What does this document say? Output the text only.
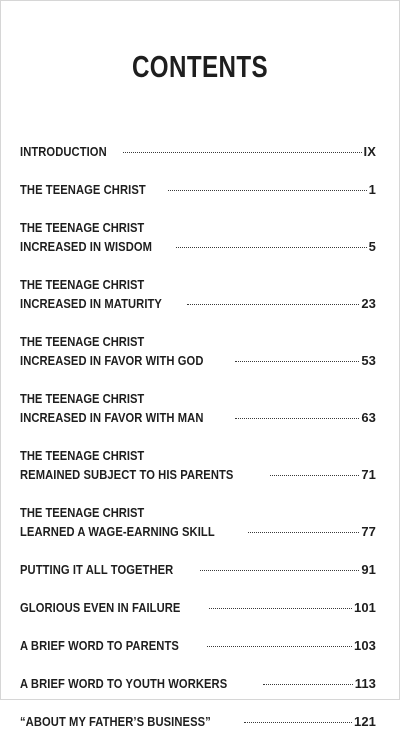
CONTENTS
INTRODUCTION	IX
THE TEENAGE CHRIST	1
THE TEENAGE CHRIST
INCREASED IN WISDOM	5
THE TEENAGE CHRIST
INCREASED IN MATURITY	23
THE TEENAGE CHRIST
INCREASED IN FAVOR WITH GOD	53
THE TEENAGE CHRIST
INCREASED IN FAVOR WITH MAN	63
THE TEENAGE CHRIST
REMAINED SUBJECT TO HIS PARENTS	71
THE TEENAGE CHRIST
LEARNED A WAGE-EARNING SKILL	77
PUTTING IT ALL TOGETHER	91
GLORIOUS EVEN IN FAILURE	101
A BRIEF WORD TO PARENTS	103
A BRIEF WORD TO YOUTH WORKERS	113
“ABOUT MY FATHER’S BUSINESS”	121
